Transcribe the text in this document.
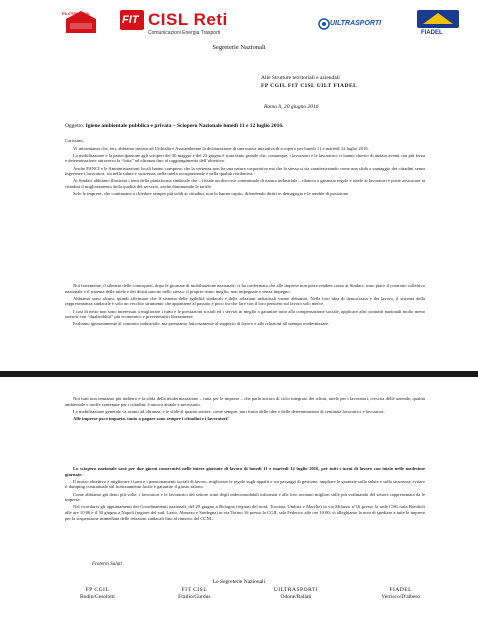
FILCTEM CGIL
FIT CISL Reti
Comunicazioni Energia Trasporti
UILTRASPORTI
FIADEL
Segreterie Nazionali
Alle Strutture territoriali e aziendali
FP CGIL FIT CISL UILT FIADEL
Roma li, 20 giugno 2016
Oggetto: Igiene ambientale pubblica e privata – Sciopero Nazionale lunedì 11 e 12 luglio 2016.

Carissimi,

Vi informiamo che, ieri, abbiamo inviato ad Utilitalia e Assoambiente la dichiarazione di una nuova iniziativa di sciopero per lunedì 11 e martedì 12 luglio 2016.

La mobilitazione e la partecipazione agli scioperi del 30 maggio e del 23 giugno è stata tanto grande che, comunque, i lavoratori e le lavoratrici ci hanno chiesto di andare avanti con più forza e determinazione attraverso la “lotta” ad oltranza fino al raggiungimento dell’obiettivo.

Anche FANCI e le Amministrazioni locali hanno compreso che la vertenza non ha una natura corporativa ma che la stessa si sta caratterizzando come una sfida a vantaggio dei cittadini senza ingerenze i lavoratori, sia nella salute e sicurezza, nella tutela occupazionale e nella qualità retributiva.

Ai Sindaci abbiamo illustrato i temi della piattaforma sindacale che – fissate un discorso contrattuale di natura industriale – rilancia a garanzia regole e tutele ai lavoratori e poste assicurare ai cittadini il miglioramento della qualità del servizio, anche diminuendo le tariffe.

Solo le imprese, che continuano a chiedere sempre più soldi ai cittadini, non lo hanno capito, difendendo diritti in demagogia e le rendite di posizione.

Noi fortemente, il silenzio delle controparti, dopo le giornate di mobilitazione nazionale, ci ha confermato che alle imprese non piace rendere conto ai Sindaci, sono piace il contratto collettivo nazionale e il sistema delle tutele e dei diritti sancito nello stesso: il proprio ritmo meglio, non impegnate e senza impegno.

Abbiamo sono alcuni, quindi affermare che il sistema delle agibilità sindacali e delle relazioni industriali vanno abbattuti. Nella loro idea di democrazia e dei lavoro, il sistema della rappresentanza sindacale è solo un vecchio strumento che appartiene al passato e poco fra che fare con il loro pensiero sul lavoro solo merce.

I casi di netto non sono interessati a migliorare i turni e le prestazioni sociali ed i servizi in meglio a garantire tutto alla compensazione sociale, applicare altri contratti nazionali molto meno onerosi con “dualisobbiti” più economico e preveneuristi liberamente.

Parliamo ignoratamente al contratto industriale, ma premiamo faticosamente al supporto di lavoro e alle relazioni all utempo modernizzate.

Noi tutti non temiamo più indietro e la sfida della modernizzazione – tutta per le imprese – che parla ancora di ciclo integrato dei rifiuti, tutele per i lavoratori, crescita delle aziende, qualità ambientale e tariffe contenute per i cittadini, è ancora attuale e necessario.

La mobilitazione generale va avanti ad oltranza, e le sfide al quanto settore, come sempre, noti frutto delle idee e delle determinazioni di centinaia lavoratrici e lavoratori.

Alle imprese poco importa. tanto a pagare sono sempre i cittadini e i lavoratori!

Lo sciopero nazionale sarà per due giorni consecutivi nelle intere giornate di lavoro di lunedì 11 e martedì 12 luglio 2016, per tutti i turni di lavoro con inizio nelle medesime giornate.

Il nostro obiettivo è migliorare i turni e i pensionamenti sociali di lavoro, migliorare le regole sugli appalti e sui passaggi di gestione, ampliare le garanzie sulla salute e sulla sicurezza, evitare il dumping contrattuale sul licenziamento facile e garantire il giusto salario.

Come abbiamo già detto più volte, i lavoratori e le lavoratrici del settore sono degli indecomodabili informati e alle loro avranno migliori sulle più svalutando del settore rappresentata da le imprese.

Nel ricordarvi gli appuntamenti dei Coordinamenti nazionali, del 29 giugno a Bologna (regioni del nord, Toscana, Umbria e Marche) in via Milazzo n°16 presso la sede CISL/sala Bondioli alle ore 10.00 e il 30 giugno a Napoli (regioni del sud, Lazio, Abruzzo e Sardegna) in via Torino 16 presso la CGIL sala Federico alle ore 10.00, vi alleghiamo la nota di spediare a tutte le imprese per la sospensione immediata delle relazioni sindacali fino al rinnovo del CCNL.

Fraterni Saluti
Le Segreterie Nazionali
FP CGIL
Bodin/Cesolotti
FIT CISL
Frailio/Gurdus
UILTRASPORTI
Odone/Ballati
FIADEL
Verrisco/D'albero
